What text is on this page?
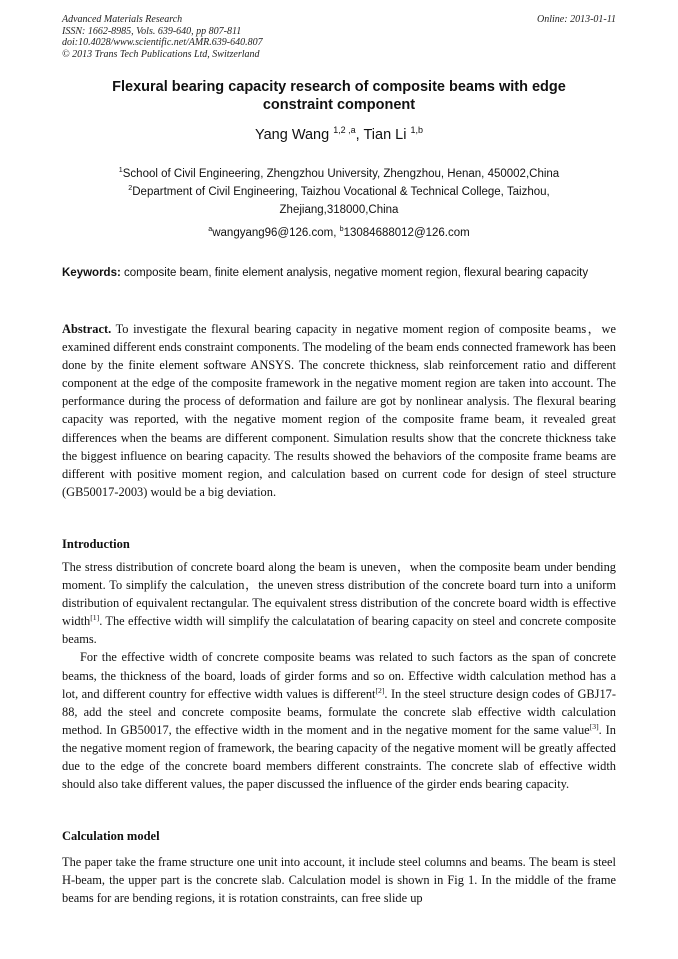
Advanced Materials Research
ISSN: 1662-8985, Vols. 639-640, pp 807-811
doi:10.4028/www.scientific.net/AMR.639-640.807
© 2013 Trans Tech Publications Ltd, Switzerland
Online: 2013-01-11
Flexural bearing capacity research of composite beams with edge
constraint component
Yang Wang $^{1,2 ,a}$, Tian Li $^{1,b}$
$^1$School of Civil Engineering, Zhengzhou University, Zhengzhou, Henan, 450002,China
$^2$Department of Civil Engineering, Taizhou Vocational & Technical College, Taizhou,
Zhejiang,318000,China
$^a$wangyang96@126.com, $^b$13084688012@126.com
Keywords: composite beam, finite element analysis, negative moment region, flexural bearing capacity
Abstract. To investigate the flexural bearing capacity in negative moment region of composite beams，we examined different ends constraint components. The modeling of the beam ends connected framework has been done by the finite element software ANSYS. The concrete thickness, slab reinforcement ratio and different component at the edge of the composite framework in the negative moment region are taken into account. The performance during the process of deformation and failure are got by nonlinear analysis. The flexural bearing capacity was reported, with the negative moment region of the composite frame beam, it revealed great differences when the beams are different component. Simulation results show that the concrete thickness take the biggest influence on bearing capacity. The results showed the behaviors of the composite frame beams are different with positive moment region, and calculation based on current code for design of steel structure (GB50017-2003) would be a big deviation.
Introduction

The stress distribution of concrete board along the beam is uneven，when the composite beam under bending moment. To simplify the calculation，the uneven stress distribution of the concrete board turn into a uniform distribution of equivalent rectangular. The equivalent stress distribution of the concrete board width is effective width[1]. The effective width will simplify the calculatation of bearing capacity on steel and concrete composite beams.

For the effective width of concrete composite beams was related to such factors as the span of concrete beams, the thickness of the board, loads of girder forms and so on. Effective width calculation method has a lot, and different country for effective width values is different[2]. In the steel structure design codes of GBJ17-88, add the steel and concrete composite beams, formulate the concrete slab effective width calculation method. In GB50017, the effective width in the moment and in the negative moment for the same value[3]. In the negative moment region of framework, the bearing capacity of the negative moment will be greatly affected due to the edge of the concrete board members different constraints. The concrete slab of effective width should also take different values, the paper discussed the influence of the girder ends bearing capacity.

Calculation model
The paper take the frame structure one unit into account, it include steel columns and beams. The beam is steel H-beam, the upper part is the concrete slab. Calculation model is shown in Fig 1. In the middle of the frame beams for are bending regions, it is rotation constraints, can free slide up
